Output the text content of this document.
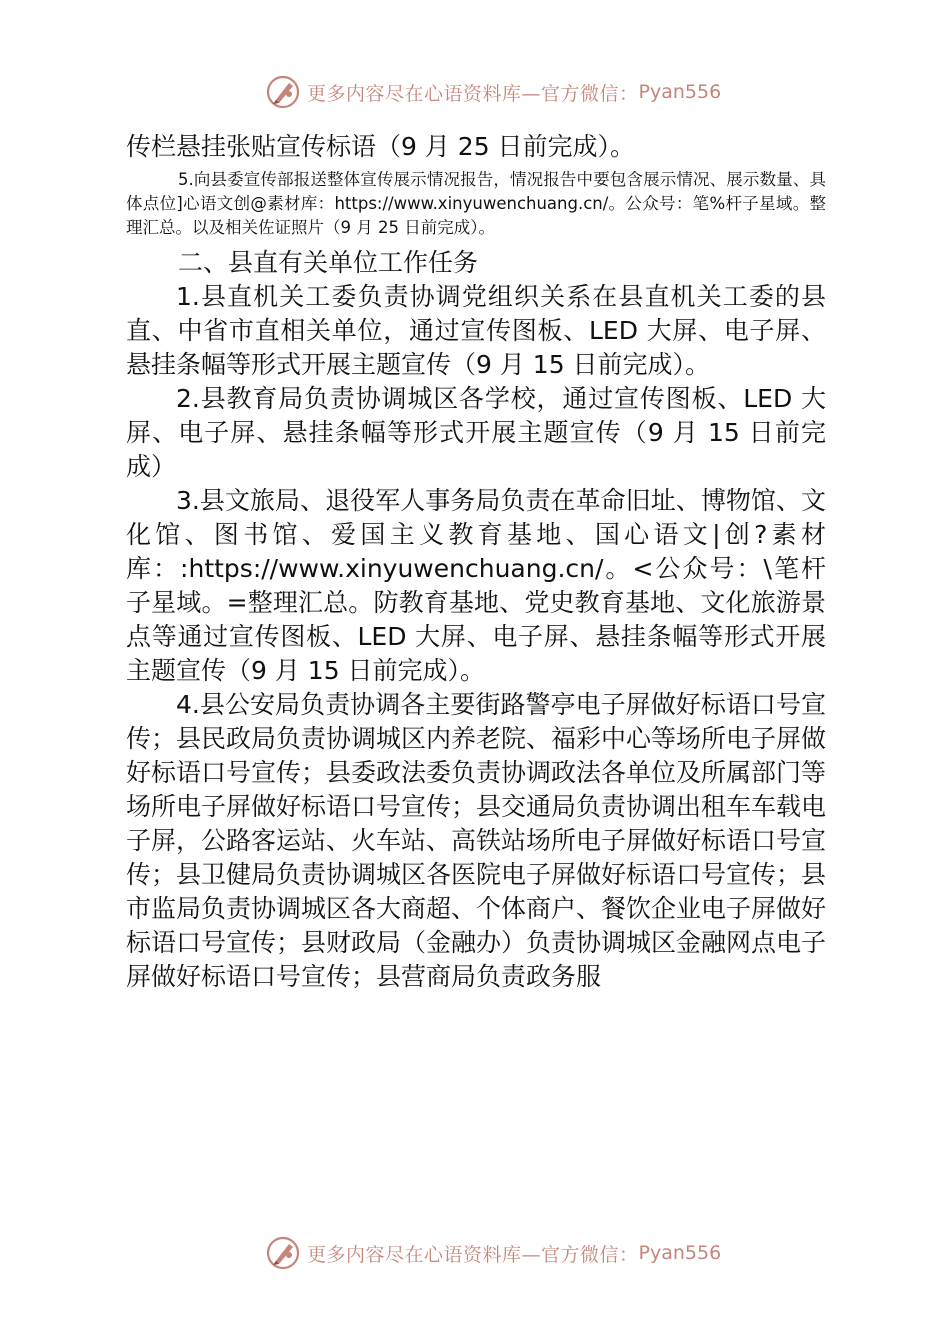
更多内容尽在心语资料库—官方微信： Pyan556

传栏悬挂张贴宣传标语（9 月 25 日前完成）。

5.向县委宣传部报送整体宣传展示情况报告，情况报告中要包含展示情况、展示数量、具体点位]心语文创@素材库：https://www.xinyuwenchuang.cn/。公众号：笔%杆子星域。整理汇总。以及相关佐证照片（9 月 25 日前完成）。

二、县直有关单位工作任务

1.县直机关工委负责协调党组织关系在县直机关工委的县直、中省市直相关单位，通过宣传图板、LED 大屏、电子屏、悬挂条幅等形式开展主题宣传（9 月 15 日前完成）。

2.县教育局负责协调城区各学校，通过宣传图板、LED 大屏、电子屏、悬挂条幅等形式开展主题宣传（9 月 15 日前完成）

3.县文旅局、退役军人事务局负责在革命旧址、博物馆、文化馆、图书馆、爱国主义教育基地、国心语文|创?素材库：:https://www.xinyuwenchuang.cn/。<公众号：\笔杆子星域。=整理汇总。防教育基地、党史教育基地、文化旅游景点等通过宣传图板、LED 大屏、电子屏、悬挂条幅等形式开展主题宣传（9 月 15 日前完成）。

4.县公安局负责协调各主要街路警亭电子屏做好标语口号宣传；县民政局负责协调城区内养老院、福彩中心等场所电子屏做好标语口号宣传；县委政法委负责协调政法各单位及所属部门等场所电子屏做好标语口号宣传；县交通局负责协调出租车车载电子屏，公路客运站、火车站、高铁站场所电子屏做好标语口号宣传；县卫健局负责协调城区各医院电子屏做好标语口号宣传；县市监局负责协调城区各大商超、个体商户、餐饮企业电子屏做好标语口号宣传；县财政局（金融办）负责协调城区金融网点电子屏做好标语口号宣传；县营商局负责政务服

更多内容尽在心语资料库—官方微信： Pyan556
